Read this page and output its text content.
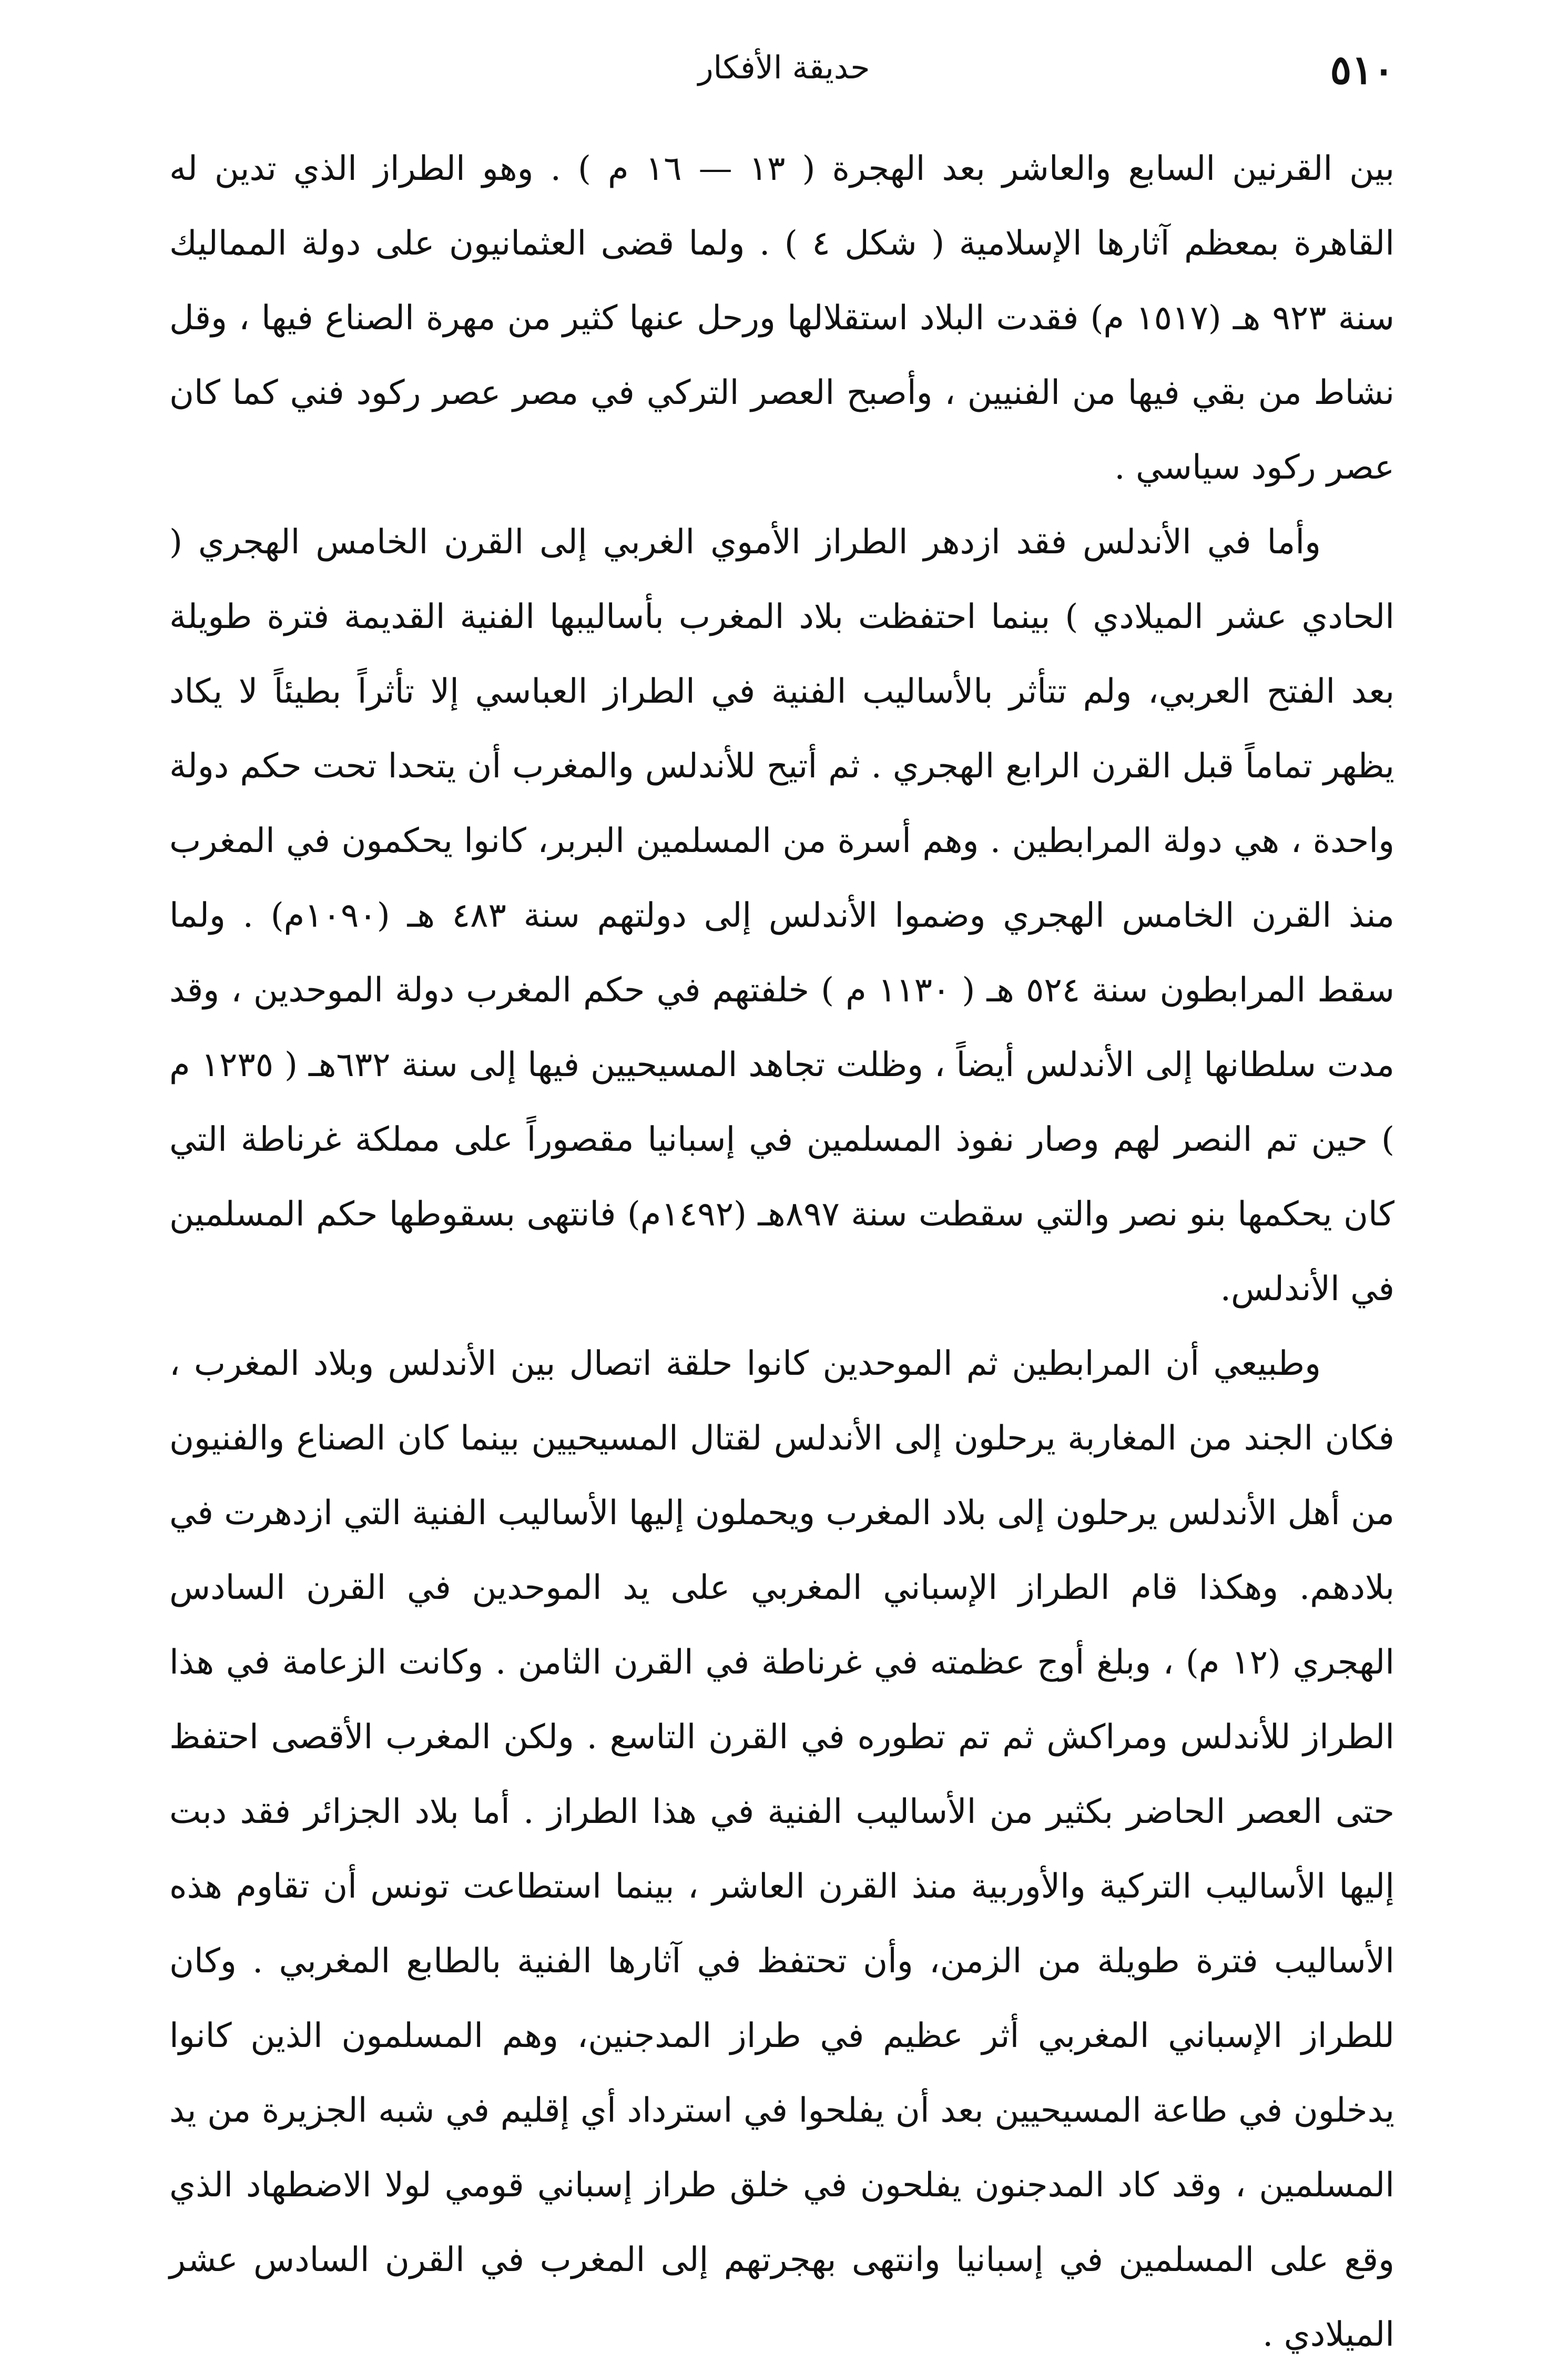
٥١٠
حديقة الأفكار

بين القرنين السابع والعاشر بعد الهجرة ( ١٣ — ١٦ م ) . وهو الطراز الذي تدين له القاهرة بمعظم آثارها الإسلامية ( شكل ٤ ) . ولما قضى العثمانيون على دولة المماليك سنة ٩٢٣ هـ (١٥١٧ م) فقدت البلاد استقلالها ورحل عنها كثير من مهرة الصناع فيها ، وقل نشاط من بقي فيها من الفنيين ، وأصبح العصر التركي في مصر عصر ركود فني كما كان عصر ركود سياسي .

وأما في الأندلس فقد ازدهر الطراز الأموي الغربي إلى القرن الخامس الهجري ( الحادي عشر الميلادي ) بينما احتفظت بلاد المغرب بأساليبها الفنية القديمة فترة طويلة بعد الفتح العربي، ولم تتأثر بالأساليب الفنية في الطراز العباسي إلا تأثراً بطيئاً لا يكاد يظهر تماماً قبل القرن الرابع الهجري . ثم أتيح للأندلس والمغرب أن يتحدا تحت حكم دولة واحدة ، هي دولة المرابطين . وهم أسرة من المسلمين البربر، كانوا يحكمون في المغرب منذ القرن الخامس الهجري وضموا الأندلس إلى دولتهم سنة ٤٨٣ هـ (١٠٩٠م) . ولما سقط المرابطون سنة ٥٢٤ هـ ( ١١٣٠ م ) خلفتهم في حكم المغرب دولة الموحدين ، وقد مدت سلطانها إلى الأندلس أيضاً ، وظلت تجاهد المسيحيين فيها إلى سنة ٦٣٢هـ ( ١٢٣٥ م ) حين تم النصر لهم وصار نفوذ المسلمين في إسبانيا مقصوراً على مملكة غرناطة التي كان يحكمها بنو نصر والتي سقطت سنة ٨٩٧هـ (١٤٩٢م) فانتهى بسقوطها حكم المسلمين في الأندلس.

وطبيعي أن المرابطين ثم الموحدين كانوا حلقة اتصال بين الأندلس وبلاد المغرب ، فكان الجند من المغاربة يرحلون إلى الأندلس لقتال المسيحيين بينما كان الصناع والفنيون من أهل الأندلس يرحلون إلى بلاد المغرب ويحملون إليها الأساليب الفنية التي ازدهرت في بلادهم. وهكذا قام الطراز الإسباني المغربي على يد الموحدين في القرن السادس الهجري (١٢ م) ، وبلغ أوج عظمته في غرناطة في القرن الثامن . وكانت الزعامة في هذا الطراز للأندلس ومراكش ثم تم تطوره في القرن التاسع . ولكن المغرب الأقصى احتفظ حتى العصر الحاضر بكثير من الأساليب الفنية في هذا الطراز . أما بلاد الجزائر فقد دبت إليها الأساليب التركية والأوربية منذ القرن العاشر ، بينما استطاعت تونس أن تقاوم هذه الأساليب فترة طويلة من الزمن، وأن تحتفظ في آثارها الفنية بالطابع المغربي . وكان للطراز الإسباني المغربي أثر عظيم في طراز المدجنين، وهم المسلمون الذين كانوا يدخلون في طاعة المسيحيين بعد أن يفلحوا في استرداد أي إقليم في شبه الجزيرة من يد المسلمين ، وقد كاد المدجنون يفلحون في خلق طراز إسباني قومي لولا الاضطهاد الذي وقع على المسلمين في إسبانيا وانتهى بهجرتهم إلى المغرب في القرن السادس عشر الميلادي .
